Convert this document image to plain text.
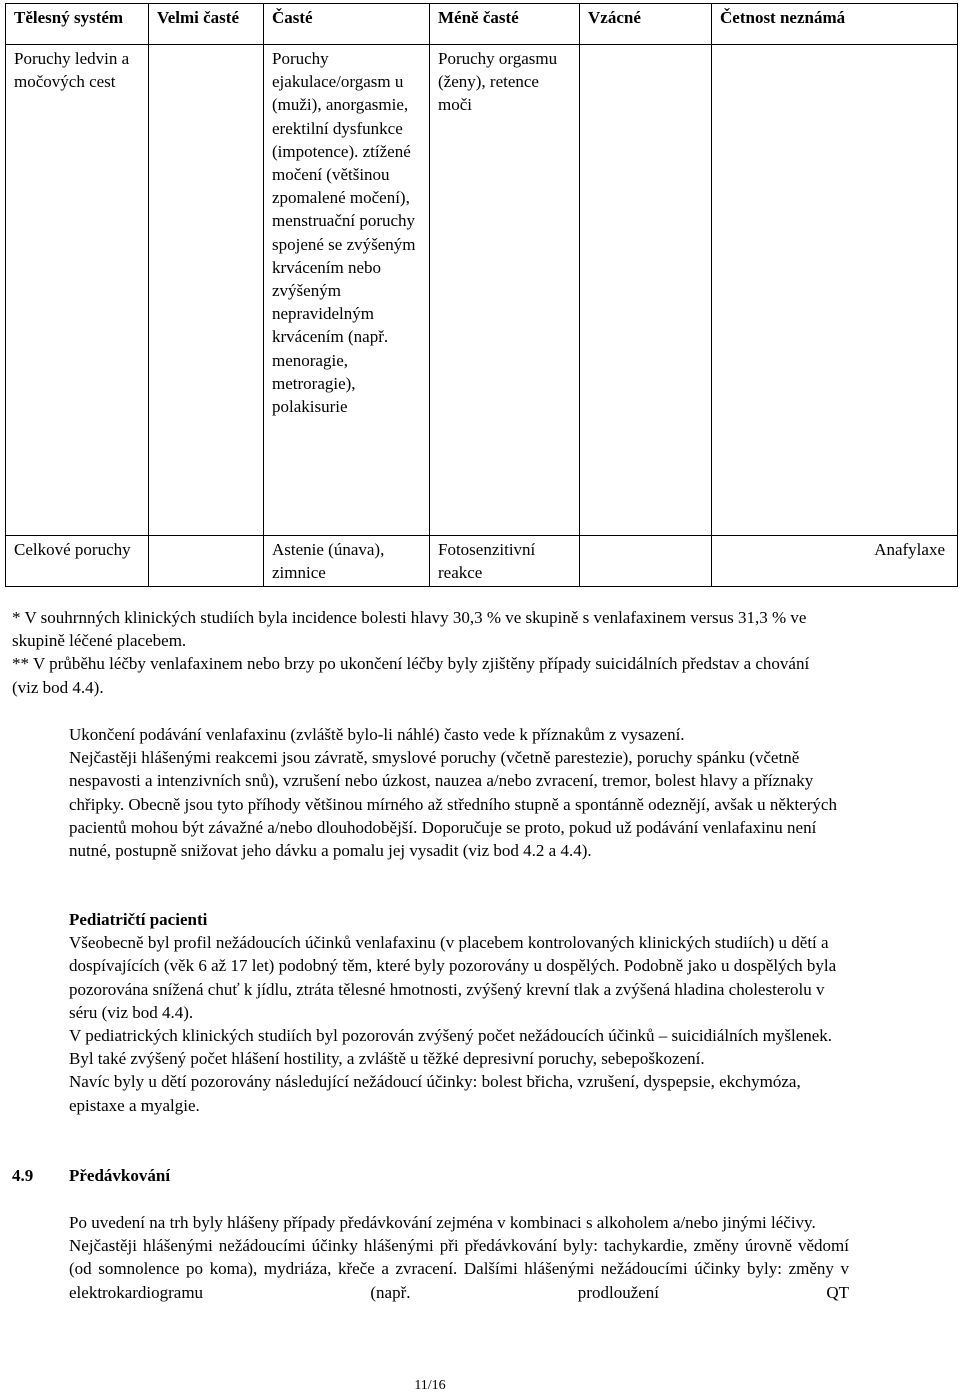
Tělesný systém	Velmi časté	Časté	Méně časté	Vzácné	Četnost neznámá
Poruchy ledvin a močových cest		Poruchy ejakulace/orgasm u (muži), anorgasmie, erektilní dysfunkce (impotence). ztížené močení (většinou zpomalené močení), menstruační poruchy spojené se zvýšeným krvácením nebo zvýšeným nepravidelným krvácením (např. menoragie, metroragie), polakisurie	Poruchy orgasmu (ženy), retence moči		
Celkové poruchy		Astenie (únava), zimnice	Fotosenzitivní reakce		Anafylaxe

* V souhrnných klinických studiích byla incidence bolesti hlavy 30,3 % ve skupině s venlafaxinem versus 31,3 % ve skupině léčené placebem.

** V průběhu léčby venlafaxinem nebo brzy po ukončení léčby byly zjištěny případy suicidálních představ a chování (viz bod 4.4).

Ukončení podávání venlafaxinu (zvláště bylo-li náhlé) často vede k příznakům z vysazení.

Nejčastěji hlášenými reakcemi jsou závratě, smyslové poruchy (včetně parestezie), poruchy spánku (včetně nespavosti a intenzivních snů), vzrušení nebo úzkost, nauzea a/nebo zvracení, tremor, bolest hlavy a příznaky chřipky. Obecně jsou tyto příhody většinou mírného až středního stupně a spontánně odeznějí, avšak u některých pacientů mohou být závažné a/nebo dlouhodobější. Doporučuje se proto, pokud už podávání venlafaxinu není nutné, postupně snižovat jeho dávku a pomalu jej vysadit (viz bod 4.2 a 4.4).

Pediatričtí pacienti

Všeobecně byl profil nežádoucích účinků venlafaxinu (v placebem kontrolovaných klinických studiích) u dětí a dospívajících (věk 6 až 17 let) podobný těm, které byly pozorovány u dospělých. Podobně jako u dospělých byla pozorována snížená chuť k jídlu, ztráta tělesné hmotnosti, zvýšený krevní tlak a zvýšená hladina cholesterolu v séru (viz bod 4.4).

V pediatrických klinických studiích byl pozorován zvýšený počet nežádoucích účinků – suicidiálních myšlenek. Byl také zvýšený počet hlášení hostility, a zvláště u těžké depresivní poruchy, sebepoškození.

Navíc byly u dětí pozorovány následující nežádoucí účinky: bolest břicha, vzrušení, dyspepsie, ekchymóza, epistaxe a myalgie.

4.9 Předávkování

Po uvedení na trh byly hlášeny případy předávkování zejména v kombinaci s alkoholem a/nebo jinými léčivy.

Nejčastěji hlášenými nežádoucími účinky hlášenými při předávkování byly: tachykardie, změny úrovně vědomí (od somnolence po koma), mydriáza, křeče a zvracení. Dalšími hlášenými nežádoucími účinky byly: změny v elektrokardiogramu (např. prodloužení QT

11/16
